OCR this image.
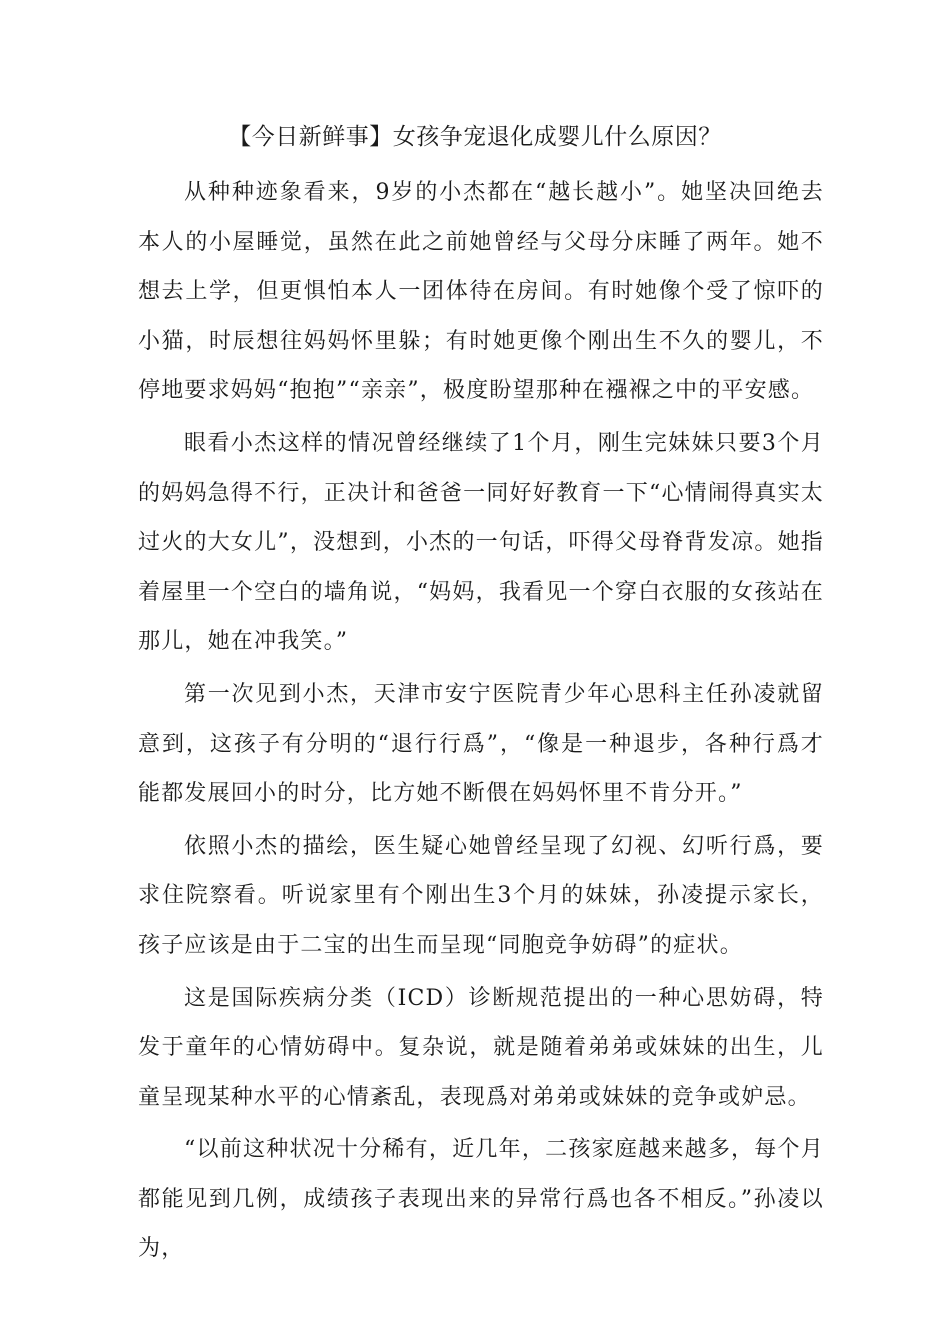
【今日新鲜事】女孩争宠退化成婴儿什么原因？

从种种迹象看来，9岁的小杰都在“越长越小”。她坚决回绝去本人的小屋睡觉，虽然在此之前她曾经与父母分床睡了两年。她不想去上学，但更惧怕本人一团体待在房间。有时她像个受了惊吓的小猫，时辰想往妈妈怀里躲；有时她更像个刚出生不久的婴儿，不停地要求妈妈“抱抱”“亲亲”，极度盼望那种在襁褓之中的平安感。

眼看小杰这样的情况曾经继续了1个月，刚生完妹妹只要3个月的妈妈急得不行，正决计和爸爸一同好好教育一下“心情闹得真实太过火的大女儿”，没想到，小杰的一句话，吓得父母脊背发凉。她指着屋里一个空白的墙角说，“妈妈，我看见一个穿白衣服的女孩站在那儿，她在冲我笑。”

第一次见到小杰，天津市安宁医院青少年心思科主任孙凌就留意到，这孩子有分明的“退行行爲”，“像是一种退步，各种行爲才能都发展回小的时分，比方她不断偎在妈妈怀里不肯分开。”

依照小杰的描绘，医生疑心她曾经呈现了幻视、幻听行爲，要求住院察看。听说家里有个刚出生3个月的妹妹，孙凌提示家长，孩子应该是由于二宝的出生而呈现“同胞竞争妨碍”的症状。

这是国际疾病分类（ICD）诊断规范提出的一种心思妨碍，特发于童年的心情妨碍中。复杂说，就是随着弟弟或妹妹的出生，儿童呈现某种水平的心情紊乱，表现爲对弟弟或妹妹的竞争或妒忌。

“以前这种状况十分稀有，近几年，二孩家庭越来越多，每个月都能见到几例，成绩孩子表现出来的异常行爲也各不相反。”孙凌以为，
